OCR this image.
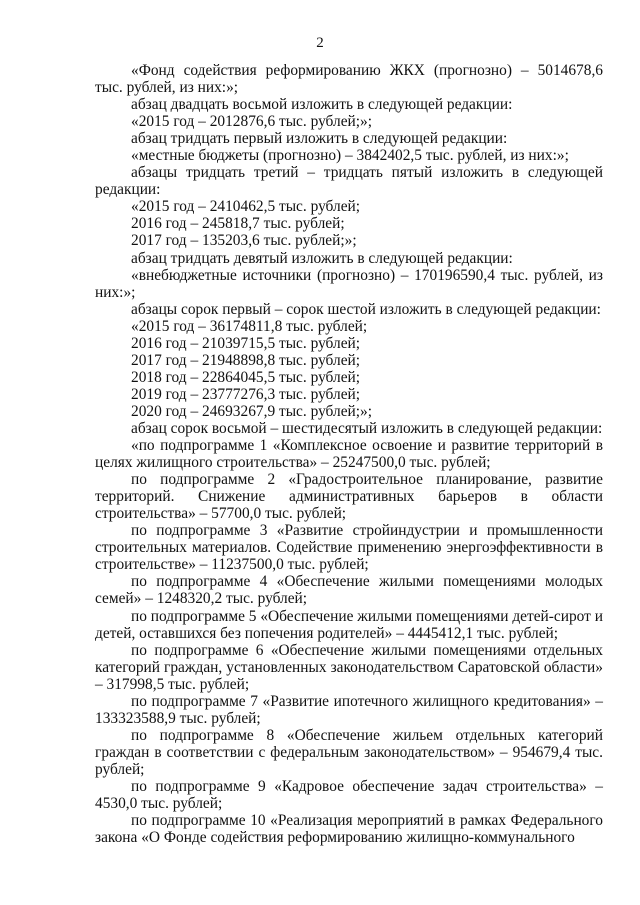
2

«Фонд содействия реформированию ЖКХ (прогнозно) – 5014678,6 тыс. рублей, из них:»;

абзац двадцать восьмой изложить в следующей редакции:

«2015 год – 2012876,6 тыс. рублей;»;

абзац тридцать первый изложить в следующей редакции:

«местные бюджеты (прогнозно) – 3842402,5 тыс. рублей, из них:»;

абзацы тридцать третий – тридцать пятый изложить в следующей редакции:

«2015 год – 2410462,5 тыс. рублей;

2016 год – 245818,7 тыс. рублей;

2017 год – 135203,6 тыс. рублей;»;

абзац тридцать девятый изложить в следующей редакции:

«внебюджетные источники (прогнозно) – 170196590,4 тыс. рублей, из них:»;

абзацы сорок первый – сорок шестой изложить в следующей редакции:

«2015 год – 36174811,8 тыс. рублей;

2016 год – 21039715,5 тыс. рублей;

2017 год – 21948898,8 тыс. рублей;

2018 год – 22864045,5 тыс. рублей;

2019 год – 23777276,3 тыс. рублей;

2020 год – 24693267,9 тыс. рублей;»;

абзац сорок восьмой – шестидесятый изложить в следующей редакции:

«по подпрограмме 1 «Комплексное освоение и развитие территорий в целях жилищного строительства» – 25247500,0 тыс. рублей;

по подпрограмме 2 «Градостроительное планирование, развитие территорий. Снижение административных барьеров в области строительства» – 57700,0 тыс. рублей;

по подпрограмме 3 «Развитие стройиндустрии и промышленности строительных материалов. Содействие применению энергоэффективности в строительстве» – 11237500,0 тыс. рублей;

по подпрограмме 4 «Обеспечение жилыми помещениями молодых семей» – 1248320,2 тыс. рублей;

по подпрограмме 5 «Обеспечение жилыми помещениями детей-сирот и детей, оставшихся без попечения родителей» – 4445412,1 тыс. рублей;

по подпрограмме 6 «Обеспечение жилыми помещениями отдельных категорий граждан, установленных законодательством Саратовской области» – 317998,5 тыс. рублей;

по подпрограмме 7 «Развитие ипотечного жилищного кредитования» – 133323588,9 тыс. рублей;

по подпрограмме 8 «Обеспечение жильем отдельных категорий граждан в соответствии с федеральным законодательством» – 954679,4 тыс. рублей;

по подпрограмме 9 «Кадровое обеспечение задач строительства» – 4530,0 тыс. рублей;

по подпрограмме 10 «Реализация мероприятий в рамках Федерального закона «О Фонде содействия реформированию жилищно-коммунального
